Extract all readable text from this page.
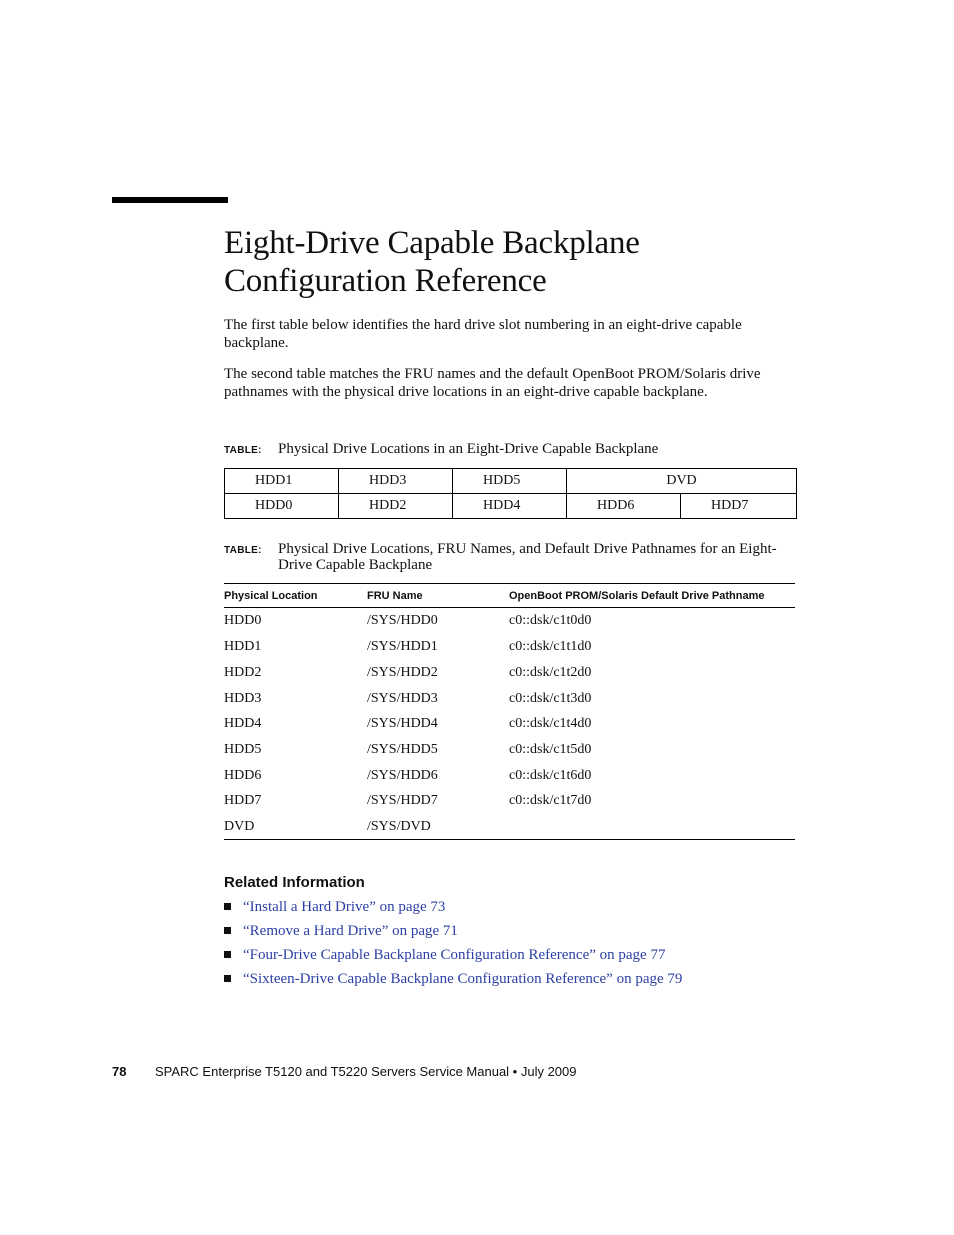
Eight-Drive Capable Backplane
Configuration Reference

The first table below identifies the hard drive slot numbering in an eight-drive capable backplane.

The second table matches the FRU names and the default OpenBoot PROM/Solaris drive pathnames with the physical drive locations in an eight-drive capable backplane.

TABLE: Physical Drive Locations in an Eight-Drive Capable Backplane
HDD1	HDD3	HDD5	DVD	
HDD0	HDD2	HDD4	HDD6	HDD7
TABLE: Physical Drive Locations, FRU Names, and Default Drive Pathnames for an Eight-Drive Capable Backplane
Physical Location	FRU Name	OpenBoot PROM/Solaris Default Drive Pathname
HDD0	/SYS/HDD0	c0::dsk/c1t0d0
HDD1	/SYS/HDD1	c0::dsk/c1t1d0
HDD2	/SYS/HDD2	c0::dsk/c1t2d0
HDD3	/SYS/HDD3	c0::dsk/c1t3d0
HDD4	/SYS/HDD4	c0::dsk/c1t4d0
HDD5	/SYS/HDD5	c0::dsk/c1t5d0
HDD6	/SYS/HDD6	c0::dsk/c1t6d0
HDD7	/SYS/HDD7	c0::dsk/c1t7d0
DVD	/SYS/DVD
Related Information
“Install a Hard Drive” on page 73
“Remove a Hard Drive” on page 71
“Four-Drive Capable Backplane Configuration Reference” on page 77
“Sixteen-Drive Capable Backplane Configuration Reference” on page 79
78 SPARC Enterprise T5120 and T5220 Servers Service Manual • July 2009
